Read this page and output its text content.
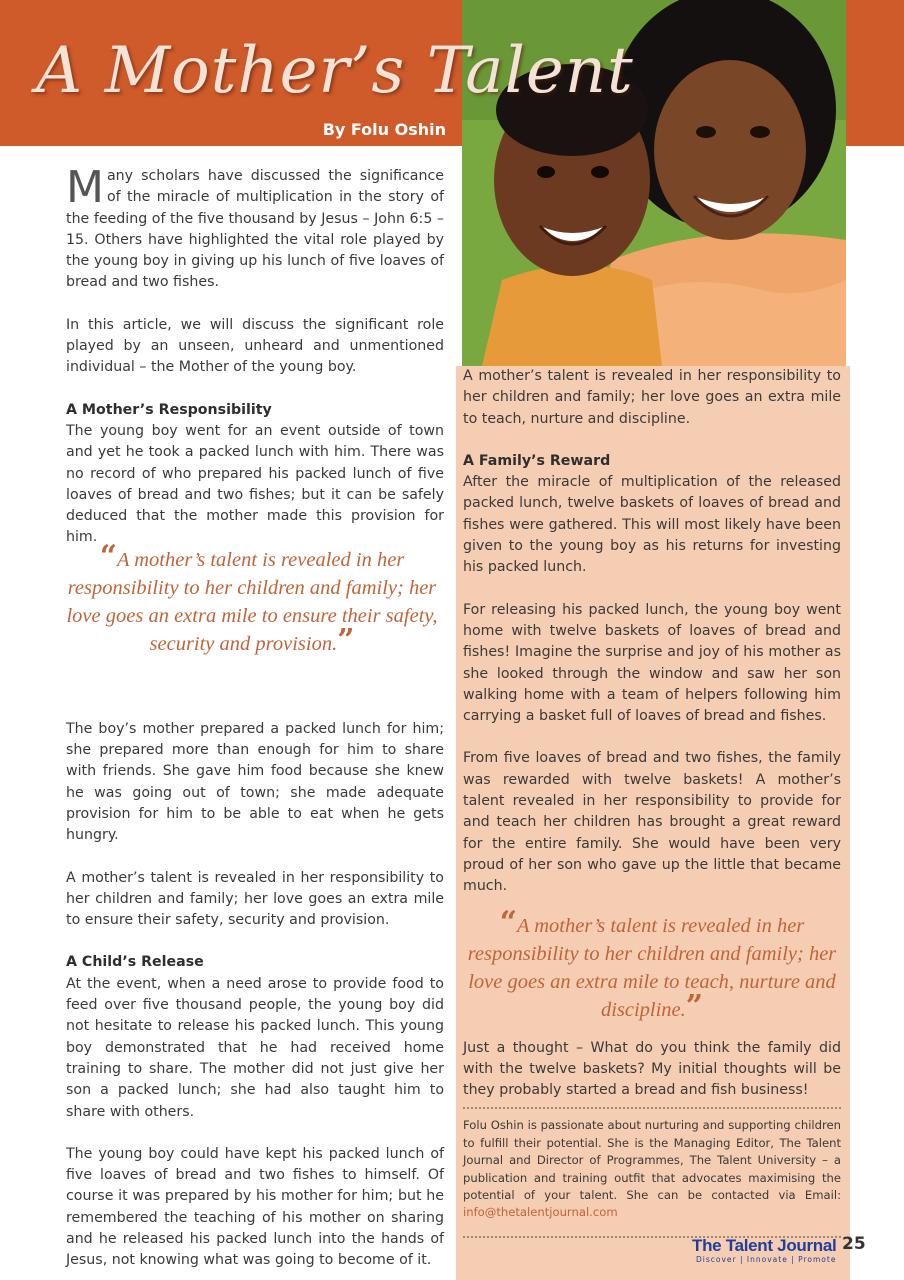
A Mother’s Talent
By Folu Oshin

Many scholars have discussed the significance of the miracle of multiplication in the story of the feeding of the five thousand by Jesus – John 6:5 – 15. Others have highlighted the vital role played by the young boy in giving up his lunch of five loaves of bread and two fishes.

In this article, we will discuss the significant role played by an unseen, unheard and unmentioned individual – the Mother of the young boy.

A Mother’s Responsibility

The young boy went for an event outside of town and yet he took a packed lunch with him. There was no record of who prepared his packed lunch of five loaves of bread and two fishes; but it can be safely deduced that the mother made this provision for him.

The boy’s mother prepared a packed lunch for him; she prepared more than enough for him to share with friends. She gave him food because she knew he was going out of town; she made adequate provision for him to be able to eat when he gets hungry.

A mother’s talent is revealed in her responsibility to her children and family; her love goes an extra mile to ensure their safety, security and provision.

A Child’s Release

At the event, when a need arose to provide food to feed over five thousand people, the young boy did not hesitate to release his packed lunch. This young boy demonstrated that he had received home training to share. The mother did not just give her son a packed lunch; she had also taught him to share with others.

The young boy could have kept his packed lunch of five loaves of bread and two fishes to himself. Of course it was prepared by his mother for him; but he remembered the teaching of his mother on sharing and he released his packed lunch into the hands of Jesus, not knowing what was going to become of it.

“A mother’s talent is revealed in her responsibility to her children and family; her love goes an extra mile to ensure their safety, security and provision.”

A mother’s talent is revealed in her responsibility to her children and family; her love goes an extra mile to teach, nurture and discipline.

A Family’s Reward

After the miracle of multiplication of the released packed lunch, twelve baskets of loaves of bread and fishes were gathered. This will most likely have been given to the young boy as his returns for investing his packed lunch.

For releasing his packed lunch, the young boy went home with twelve baskets of loaves of bread and fishes! Imagine the surprise and joy of his mother as she looked through the window and saw her son walking home with a team of helpers following him carrying a basket full of loaves of bread and fishes.

From five loaves of bread and two fishes, the family was rewarded with twelve baskets! A mother’s talent revealed in her responsibility to provide for and teach her children has brought a great reward for the entire family. She would have been very proud of her son who gave up the little that became much.

“A mother’s talent is revealed in her responsibility to her children and family; her love goes an extra mile to teach, nurture and discipline.”

Just a thought – What do you think the family did with the twelve baskets? My initial thoughts will be they probably started a bread and fish business!

Folu Oshin is passionate about nurturing and supporting children to fulfill their potential. She is the Managing Editor, The Talent Journal and Director of Programmes, The Talent University – a publication and training outfit that advocates maximising the potential of your talent. She can be contacted via Email: info@thetalentjournal.com

The Talent Journal
Discover | Innovate | Promote
25
